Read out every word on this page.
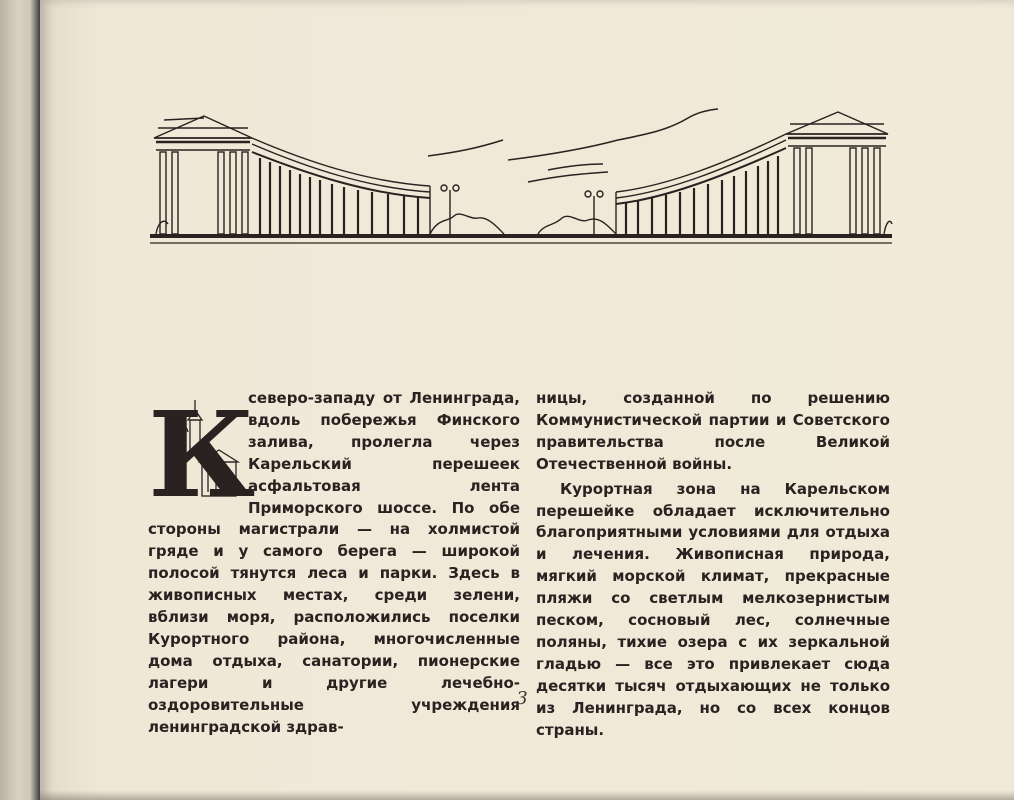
К

северо-западу от Ленинграда, вдоль побережья Финского залива, пролегла через Карельский перешеек асфальтовая лента Приморского шоссе. По обе стороны магистрали — на холмистой гряде и у самого берега — широкой полосой тянутся леса и парки. Здесь в живописных местах, среди зелени, вблизи моря, расположились поселки Курортного района, многочисленные дома отдыха, санатории, пионерские лагери и другие лечебно-оздоровительные учреждения ленинградской здрав-

ницы, созданной по решению Коммунистической партии и Советского правительства после Великой Отечественной войны.

Курортная зона на Карельском перешейке обладает исключительно благоприятными условиями для отдыха и лечения. Живописная природа, мягкий морской климат, прекрасные пляжи со светлым мелкозернистым песком, сосновый лес, солнечные поляны, тихие озера с их зеркальной гладью — все это привлекает сюда десятки тысяч отдыхающих не только из Ленинграда, но со всех концов страны.

3
